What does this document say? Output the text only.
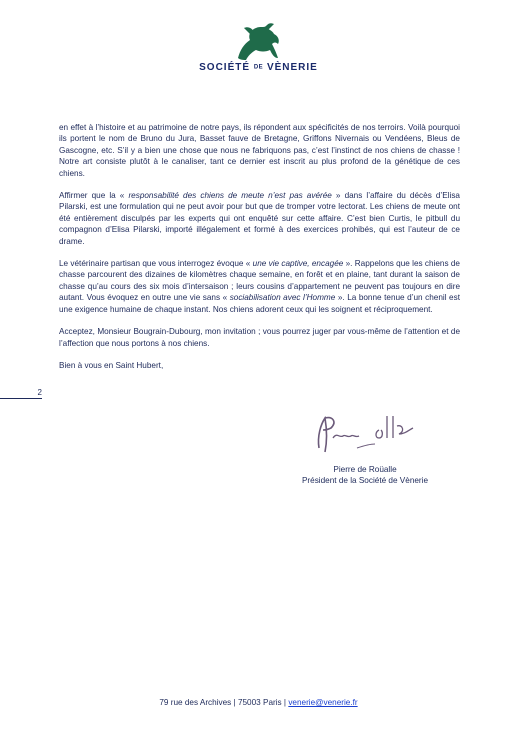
SOCIÉTÉ DE VÈNERIE

en effet à l’histoire et au patrimoine de notre pays, ils répondent aux spécificités de nos terroirs. Voilà pourquoi ils portent le nom de Bruno du Jura, Basset fauve de Bretagne, Griffons Nivernais ou Vendéens, Bleus de Gascogne, etc. S’il y a bien une chose que nous ne fabriquons pas, c’est l’instinct de nos chiens de chasse ! Notre art consiste plutôt à le canaliser, tant ce dernier est inscrit au plus profond de la génétique de ces chiens.

Affirmer que la « responsabilité des chiens de meute n’est pas avérée » dans l’affaire du décès d’Elisa Pilarski, est une formulation qui ne peut avoir pour but que de tromper votre lectorat. Les chiens de meute ont été entièrement disculpés par les experts qui ont enquêté sur cette affaire. C’est bien Curtis, le pitbull du compagnon d’Elisa Pilarski, importé illégalement et formé à des exercices prohibés, qui est l’auteur de ce drame.

Le vétérinaire partisan que vous interrogez évoque « une vie captive, encagée ». Rappelons que les chiens de chasse parcourent des dizaines de kilomètres chaque semaine, en forêt et en plaine, tant durant la saison de chasse qu’au cours des six mois d’intersaison ; leurs cousins d’appartement ne peuvent pas toujours en dire autant. Vous évoquez en outre une vie sans « sociabilisation avec l’Homme ». La bonne tenue d’un chenil est une exigence humaine de chaque instant. Nos chiens adorent ceux qui les soignent et réciproquement.

Acceptez, Monsieur Bougrain-Dubourg, mon invitation ; vous pourrez juger par vous-même de l’attention et de l’affection que nous portons à nos chiens.

Bien à vous en Saint Hubert,

2
Pierre de Roüalle
Président de la Société de Vènerie
79 rue des Archives | 75003 Paris | venerie@venerie.fr
